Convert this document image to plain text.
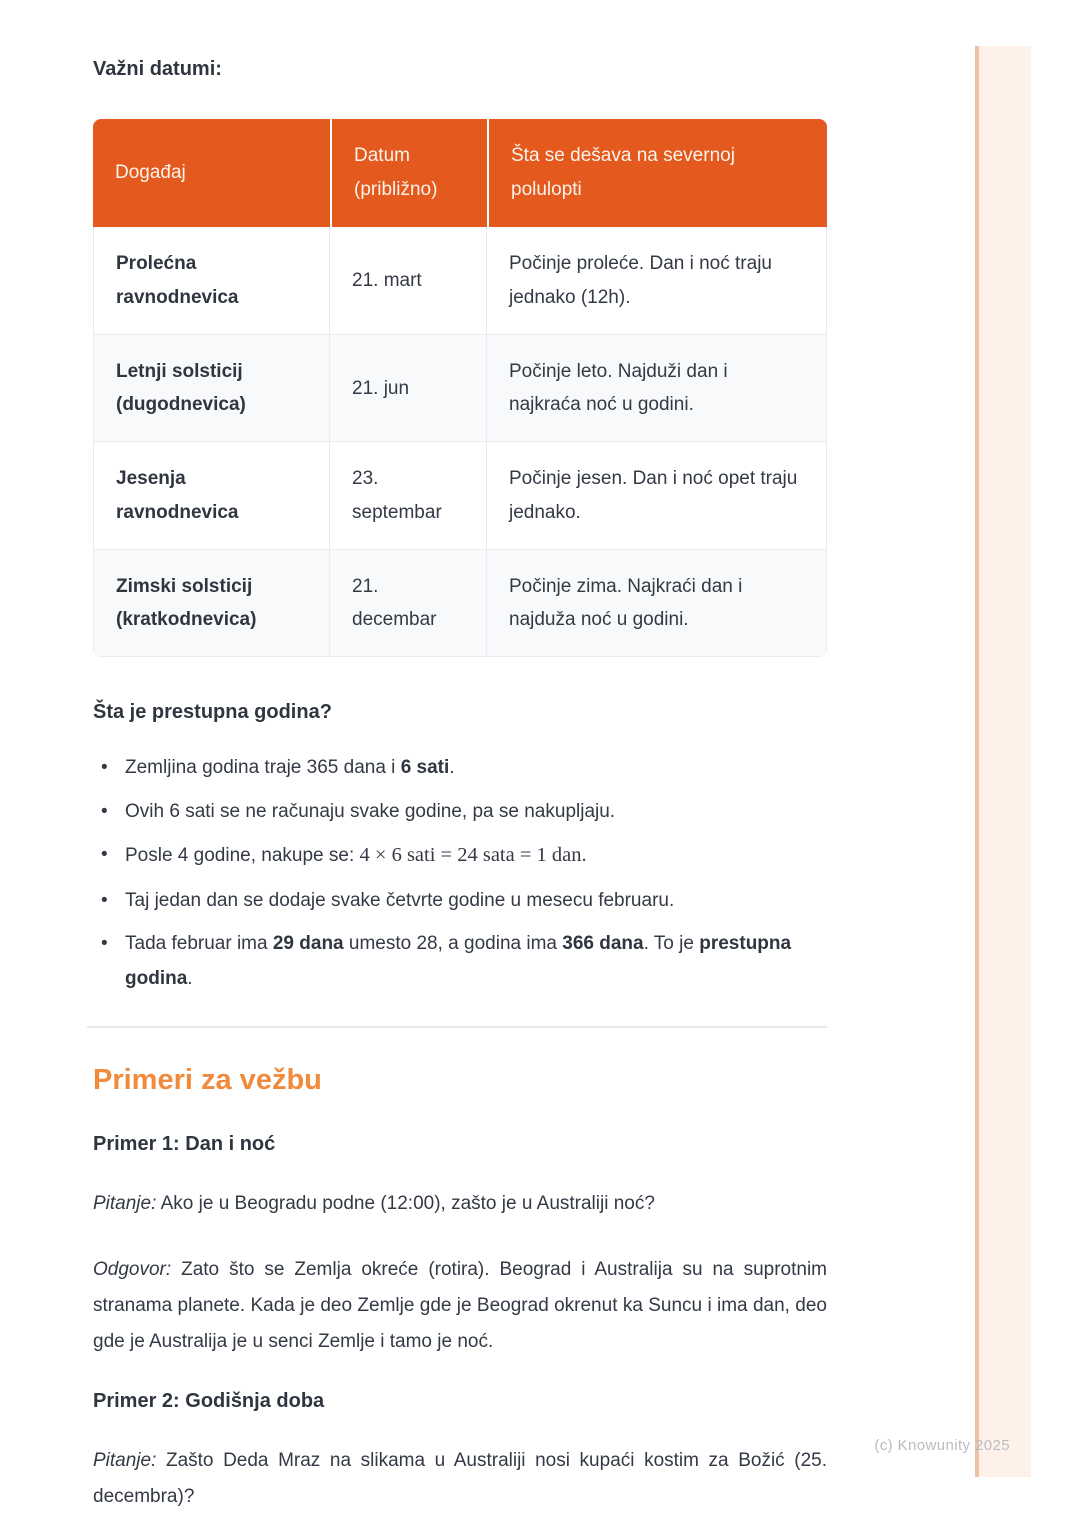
(c) Knowunity 2025
Važni datumi:
Događaj	Datum (približno)	Šta se dešava na severnoj polulopti
Prolećna ravnodnevica	21. mart	Počinje proleće. Dan i noć traju jednako (12h).
Letnji solsticij (dugodnevica)	21. jun	Počinje leto. Najduži dan i najkraća noć u godini.
Jesenja ravnodnevica	23. septembar	Počinje jesen. Dan i noć opet traju jednako.
Zimski solsticij (kratkodnevica)	21. decembar	Počinje zima. Najkraći dan i najduža noć u godini.
Šta je prestupna godina?
• Zemljina godina traje 365 dana i 6 sati.
• Ovih 6 sati se ne računaju svake godine, pa se nakupljaju.
• Posle 4 godine, nakupe se: 4 × 6 sati = 24 sata = 1 dan.
• Taj jedan dan se dodaje svake četvrte godine u mesecu februaru.
• Tada februar ima 29 dana umesto 28, a godina ima 366 dana. To je prestupna godina.
Primeri za vežbu
Primer 1: Dan i noć

Pitanje: Ako je u Beogradu podne (12:00), zašto je u Australiji noć?

Odgovor: Zato što se Zemlja okreće (rotira). Beograd i Australija su na suprotnim stranama planete. Kada je deo Zemlje gde je Beograd okrenut ka Suncu i ima dan, deo gde je Australija je u senci Zemlje i tamo je noć.

Primer 2: Godišnja doba

Pitanje: Zašto Deda Mraz na slikama u Australiji nosi kupaći kostim za Božić (25. decembra)?
